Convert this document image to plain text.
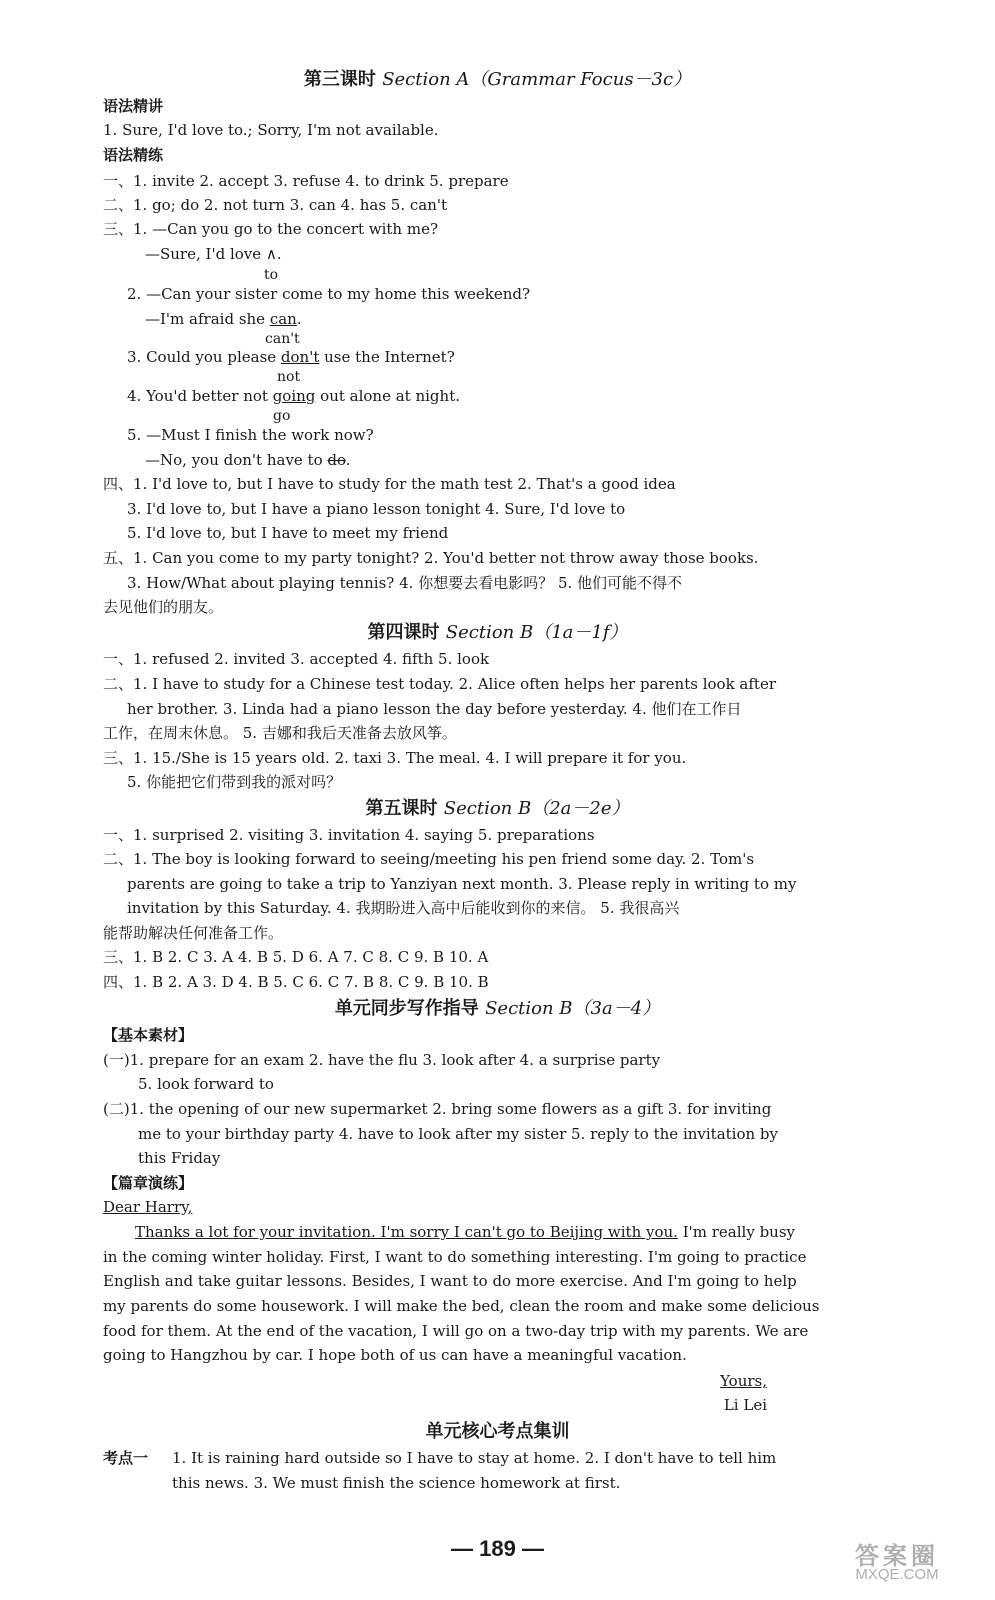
第三课时 Section A（Grammar Focus－3c）
语法精讲
1. Sure, I'd love to.; Sorry, I'm not available.
语法精练
一、1. invite 2. accept 3. refuse 4. to drink 5. prepare
二、1. go; do 2. not turn 3. can 4. has 5. can't
三、1. —Can you go to the concert with me?
—Sure, I'd love ∧.
to
2. —Can your sister come to my home this weekend?
—I'm afraid she can.
can't
3. Could you please don't use the Internet?
not
4. You'd better not going out alone at night.
go
5. —Must I finish the work now?
—No, you don't have to do.
四、1. I'd love to, but I have to study for the math test 2. That's a good idea
3. I'd love to, but I have a piano lesson tonight 4. Sure, I'd love to
5. I'd love to, but I have to meet my friend
五、1. Can you come to my party tonight? 2. You'd better not throw away those books.
3. How/What about playing tennis? 4. 你想要去看电影吗？ 5. 他们可能不得不
去见他们的朋友。
第四课时 Section B（1a－1f）
一、1. refused 2. invited 3. accepted 4. fifth 5. look
二、1. I have to study for a Chinese test today. 2. Alice often helps her parents look after
her brother. 3. Linda had a piano lesson the day before yesterday. 4. 他们在工作日
工作，在周末休息。 5. 吉娜和我后天准备去放风筝。
三、1. 15./She is 15 years old. 2. taxi 3. The meal. 4. I will prepare it for you.
5. 你能把它们带到我的派对吗？
第五课时 Section B（2a－2e）
一、1. surprised 2. visiting 3. invitation 4. saying 5. preparations
二、1. The boy is looking forward to seeing/meeting his pen friend some day. 2. Tom's
parents are going to take a trip to Yanziyan next month. 3. Please reply in writing to my
invitation by this Saturday. 4. 我期盼进入高中后能收到你的来信。 5. 我很高兴
能帮助解决任何准备工作。
三、1. B 2. C 3. A 4. B 5. D 6. A 7. C 8. C 9. B 10. A
四、1. B 2. A 3. D 4. B 5. C 6. C 7. B 8. C 9. B 10. B
单元同步写作指导 Section B（3a－4）
【基本素材】
(一)1. prepare for an exam 2. have the flu 3. look after 4. a surprise party
5. look forward to
(二)1. the opening of our new supermarket 2. bring some flowers as a gift 3. for inviting
me to your birthday party 4. have to look after my sister 5. reply to the invitation by
this Friday
【篇章演练】
Dear Harry,
Thanks a lot for your invitation. I'm sorry I can't go to Beijing with you. I'm really busy
in the coming winter holiday. First, I want to do something interesting. I'm going to practice
English and take guitar lessons. Besides, I want to do more exercise. And I'm going to help
my parents do some housework. I will make the bed, clean the room and make some delicious
food for them. At the end of the vacation, I will go on a two-day trip with my parents. We are
going to Hangzhou by car. I hope both of us can have a meaningful vacation.
Yours,
Li Lei
单元核心考点集训
考点一 1. It is raining hard outside so I have to stay at home. 2. I don't have to tell him
this news. 3. We must finish the science homework at first.
— 189 —	答案圈
MXQE.COM
